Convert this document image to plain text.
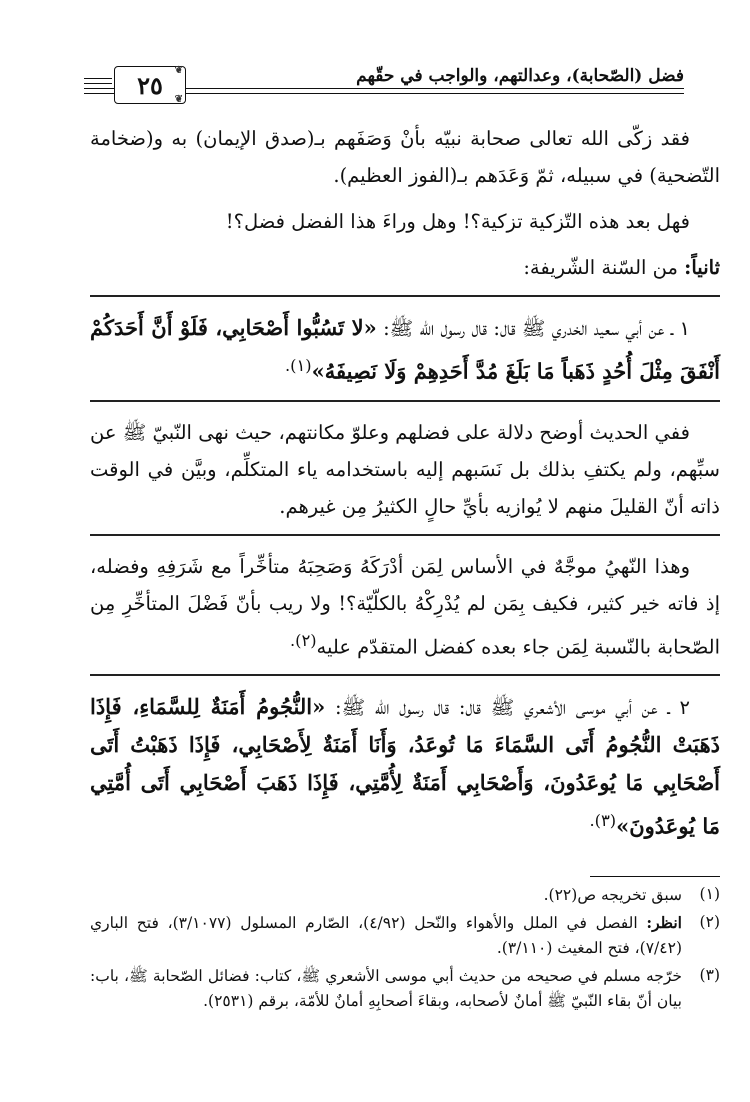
❦
٢٥ ❦
فضل (الصّحابة)، وعدالتهم، والواجب في حقّهم

فقد زكّى الله تعالى صحابة نبيّه بأنْ وَصَفَهم بـ(صدق الإيمان) به و(ضخامة التّضحية) في سبيله، ثمّ وَعَدَهم بـ(الفوز العظيم).

فهل بعد هذه التّزكية تزكية؟! وهل وراءَ هذا الفضل فضل؟!

ثانياً: من السّنة الشّريفة:

١ ـ عن أبي سعيد الخدري ﷺ قال: قال رسول الله ﷺ: «لا تَسُبُّوا أَصْحَابِي، فَلَوْ أَنَّ أَحَدَكُمْ أَنْفَقَ مِثْلَ أُحُدٍ ذَهَباً مَا بَلَغَ مُدَّ أَحَدِهِمْ وَلَا نَصِيفَهُ»$^{(١).}$

ففي الحديث أوضح دلالة على فضلهم وعلوّ مكانتهم، حيث نهى النّبيّ ﷺ عن سبِّهم، ولم يكتفِ بذلك بل نَسَبهم إليه باستخدامه ياء المتكلِّم، وبيَّن في الوقت ذاته أنّ القليلَ منهم لا يُوازيه بأيِّ حالٍ الكثيرُ مِن غيرهم.

وهذا النّهيُ موجَّهٌ في الأساس لِمَن أدْرَكَهُ وَصَحِبَهُ متأخِّراً مع شَرَفِهِ وفضله، إذ فاته خير كثير، فكيف بِمَن لم يُدْرِكْهُ بالكلّيّة؟! ولا ريب بأنّ فَضْلَ المتأخِّرِ مِن الصّحابة بالنّسبة لِمَن جاء بعده كفضل المتقدّم عليه$^{(٢).}$

٢ ـ عن أبي موسى الأشعري ﷺ قال: قال رسول الله ﷺ: «النُّجُومُ أَمَنَةٌ لِلسَّمَاءِ، فَإِذَا ذَهَبَتْ النُّجُومُ أَتَى السَّمَاءَ مَا تُوعَدُ، وَأَنَا أَمَنَةٌ لِأَصْحَابِي، فَإِذَا ذَهَبْتُ أَتَى أَصْحَابِي مَا يُوعَدُونَ، وَأَصْحَابِي أَمَنَةٌ لِأُمَّتِي، فَإِذَا ذَهَبَ أَصْحَابِي أَتَى أُمَّتِي مَا يُوعَدُونَ»$^{(٣).}$

(١)
سبق تخريجه ص(٢٢).
(٢)
انظر: الفصل في الملل والأهواء والنّحل (٤/٩٢)، الصّارم المسلول (٣/١٠٧٧)، فتح الباري (٧/٤٢)، فتح المغيث (٣/١١٠).
(٣)
خرّجه مسلم في صحيحه من حديث أبي موسى الأشعري ﷺ، كتاب: فضائل الصّحابة ﷺ، باب: بيان أنّ بقاء النّبيّ ﷺ أمانٌ لأصحابه، وبقاءَ أصحابِهِ أمانٌ للأمّة، برقم (٢٥٣١).
